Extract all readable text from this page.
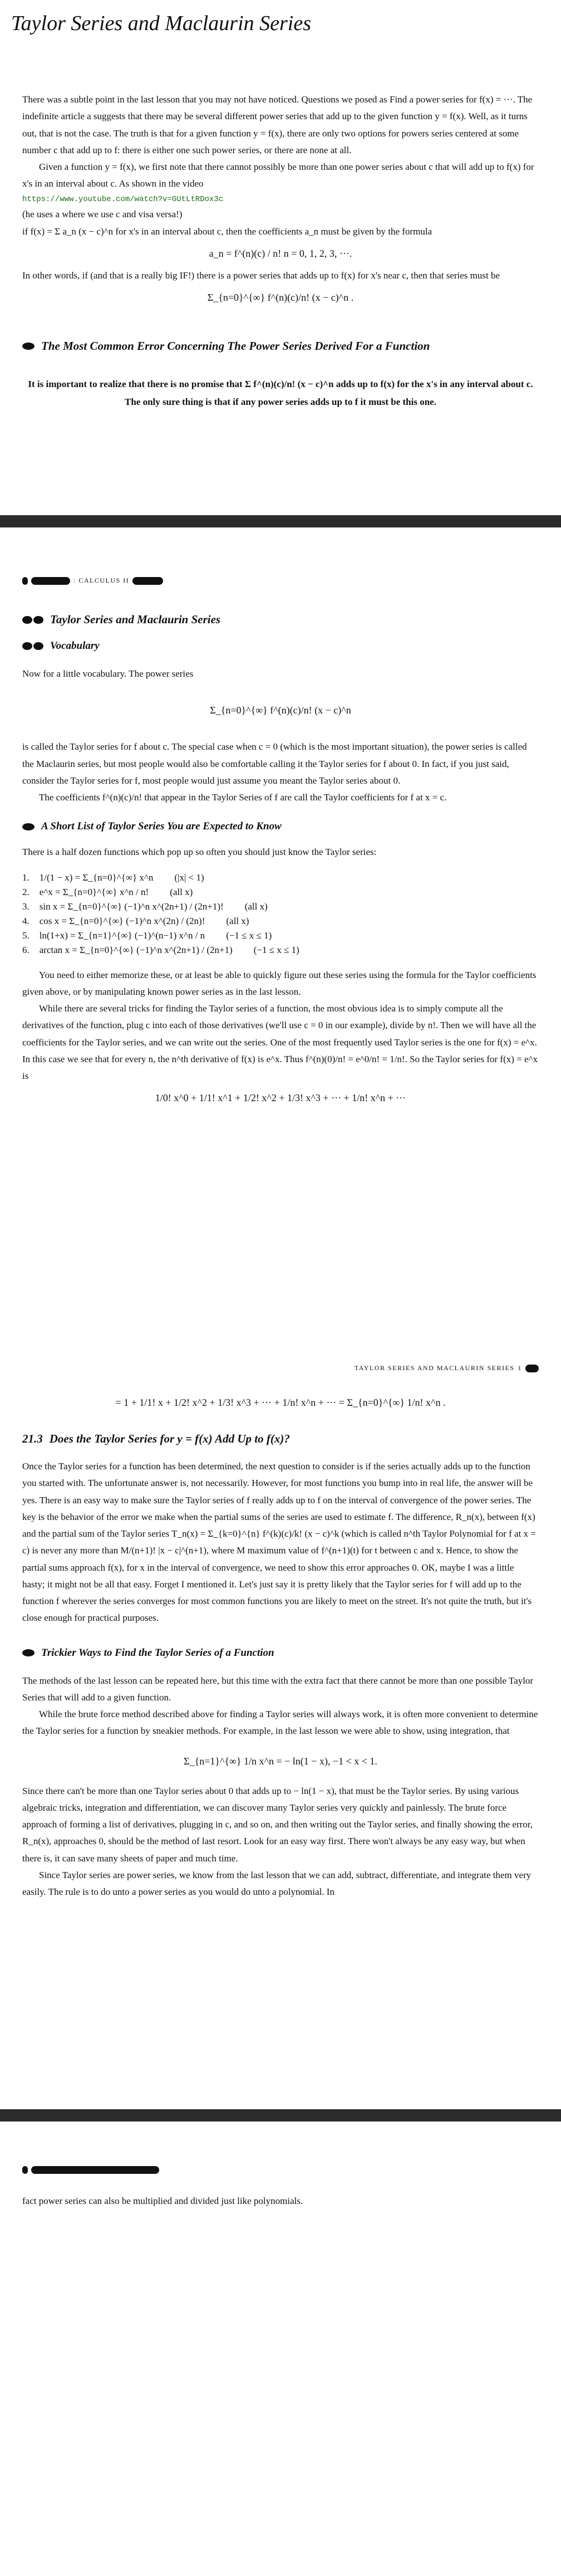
Taylor Series and Maclaurin Series

There was a subtle point in the last lesson that you may not have noticed. Questions we posed as Find a power series for f(x) = ···. The indefinite article a suggests that there may be several different power series that add up to the given function y = f(x). Well, as it turns out, that is not the case. The truth is that for a given function y = f(x), there are only two options for powers series centered at some number c that add up to f: there is either one such power series, or there are none at all.

Given a function y = f(x), we first note that there cannot possibly be more than one power series about c that will add up to f(x) for x's in an interval about c. As shown in the video

https://www.youtube.com/watch?v=GUtLtRDox3c

(he uses a where we use c and visa versa!)

if f(x) = Σ a_n (x − c)^n for x's in an interval about c, then the coefficients a_n must be given by the formula

a_n = f^(n)(c) / n! n = 0, 1, 2, 3, ···.

In other words, if (and that is a really big IF!) there is a power series that adds up to f(x) for x's near c, then that series must be

Σ_{n=0}^{∞} f^(n)(c)/n! (x − c)^n .
The Most Common Error Concerning The Power Series Derived For a Function

It is important to realize that there is no promise that Σ f^(n)(c)/n! (x − c)^n adds up to f(x) for the x's in any interval about c. The only sure thing is that if any power series adds up to f it must be this one.

: CALCULUS II
Taylor Series and Maclaurin Series
Vocabulary

Now for a little vocabulary. The power series

Σ_{n=0}^{∞} f^(n)(c)/n! (x − c)^n

is called the Taylor series for f about c. The special case when c = 0 (which is the most important situation), the power series is called the Maclaurin series, but most people would also be comfortable calling it the Taylor series for f about 0. In fact, if you just said, consider the Taylor series for f, most people would just assume you meant the Taylor series about 0.

The coefficients f^(n)(c)/n! that appear in the Taylor Series of f are call the Taylor coefficients for f at x = c.

A Short List of Taylor Series You are Expected to Know

There is a half dozen functions which pop up so often you should just know the Taylor series:

1. 1/(1 − x) = Σ_{n=0}^{∞} x^n (|x| < 1)
2. e^x = Σ_{n=0}^{∞} x^n / n! (all x)
3. sin x = Σ_{n=0}^{∞} (−1)^n x^(2n+1) / (2n+1)! (all x)
4. cos x = Σ_{n=0}^{∞} (−1)^n x^(2n) / (2n)! (all x)
5. ln(1+x) = Σ_{n=1}^{∞} (−1)^(n−1) x^n / n (−1 ≤ x ≤ 1)
6. arctan x = Σ_{n=0}^{∞} (−1)^n x^(2n+1) / (2n+1) (−1 ≤ x ≤ 1)

You need to either memorize these, or at least be able to quickly figure out these series using the formula for the Taylor coefficients given above, or by manipulating known power series as in the last lesson.

While there are several tricks for finding the Taylor series of a function, the most obvious idea is to simply compute all the derivatives of the function, plug c into each of those derivatives (we'll use c = 0 in our example), divide by n!. Then we will have all the coefficients for the Taylor series, and we can write out the series. One of the most frequently used Taylor series is the one for f(x) = e^x. In this case we see that for every n, the n^th derivative of f(x) is e^x. Thus f^(n)(0)/n! = e^0/n! = 1/n!. So the Taylor series for f(x) = e^x is

1/0! x^0 + 1/1! x^1 + 1/2! x^2 + 1/3! x^3 + ··· + 1/n! x^n + ···
TAYLOR SERIES AND MACLAURIN SERIES 1
= 1 + 1/1! x + 1/2! x^2 + 1/3! x^3 + ··· + 1/n! x^n + ··· = Σ_{n=0}^{∞} 1/n! x^n .
21.3 Does the Taylor Series for y = f(x) Add Up to f(x)?

Once the Taylor series for a function has been determined, the next question to consider is if the series actually adds up to the function you started with. The unfortunate answer is, not necessarily. However, for most functions you bump into in real life, the answer will be yes. There is an easy way to make sure the Taylor series of f really adds up to f on the interval of convergence of the power series. The key is the behavior of the error we make when the partial sums of the series are used to estimate f. The difference, R_n(x), between f(x) and the partial sum of the Taylor series T_n(x) = Σ_{k=0}^{n} f^(k)(c)/k! (x − c)^k (which is called n^th Taylor Polynomial for f at x = c) is never any more than M/(n+1)! |x − c|^(n+1), where M maximum value of f^(n+1)(t) for t between c and x. Hence, to show the partial sums approach f(x), for x in the interval of convergence, we need to show this error approaches 0. OK, maybe I was a little hasty; it might not be all that easy. Forget I mentioned it. Let's just say it is pretty likely that the Taylor series for f will add up to the function f wherever the series converges for most common functions you are likely to meet on the street. It's not quite the truth, but it's close enough for practical purposes.

Trickier Ways to Find the Taylor Series of a Function

The methods of the last lesson can be repeated here, but this time with the extra fact that there cannot be more than one possible Taylor Series that will add to a given function.

While the brute force method described above for finding a Taylor series will always work, it is often more convenient to determine the Taylor series for a function by sneakier methods. For example, in the last lesson we were able to show, using integration, that

Σ_{n=1}^{∞} 1/n x^n = − ln(1 − x), −1 < x < 1.

Since there can't be more than one Taylor series about 0 that adds up to − ln(1 − x), that must be the Taylor series. By using various algebraic tricks, integration and differentiation, we can discover many Taylor series very quickly and painlessly. The brute force approach of forming a list of derivatives, plugging in c, and so on, and then writing out the Taylor series, and finally showing the error, R_n(x), approaches 0, should be the method of last resort. Look for an easy way first. There won't always be any easy way, but when there is, it can save many sheets of paper and much time.

Since Taylor series are power series, we know from the last lesson that we can add, subtract, differentiate, and integrate them very easily. The rule is to do unto a power series as you would do unto a polynomial. In

fact power series can also be multiplied and divided just like polynomials.
